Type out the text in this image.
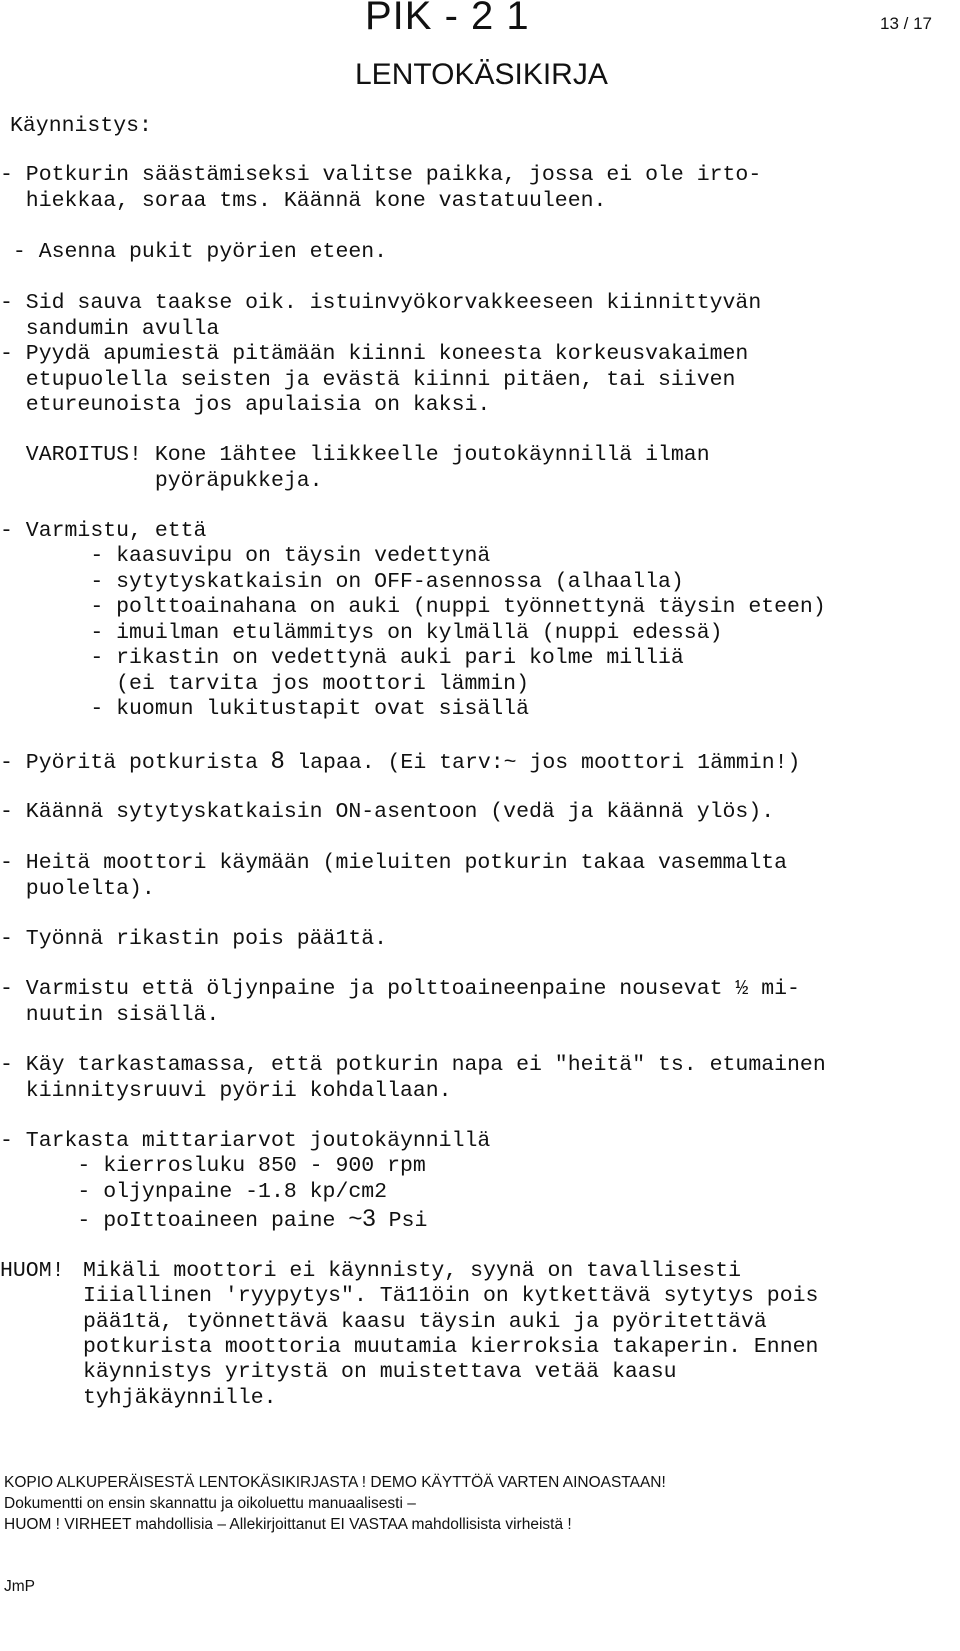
PIK - 2 1
LENTOKÄSIKIRJA
13 / 17
Käynnistys:
- Potkurin säästämiseksi valitse paikka, jossa ei ole irto-
hiekkaa, soraa tms. Käännä kone vastatuuleen.
- Asenna pukit pyörien eteen.
- Sid sauva taakse oik. istuinvyökorvakkeeseen kiinnittyvän
sandumin avulla
- Pyydä apumiestä pitämään kiinni koneesta korkeusvakaimen
etupuolella seisten ja evästä kiinni pitäen, tai siiven
etureunoista jos apulaisia on kaksi.
VAROITUS! Kone 1ähtee liikkeelle joutokäynnillä ilman
pyöräpukkeja.
- Varmistu, että
- kaasuvipu on täysin vedettynä
- sytytyskatkaisin on OFF-asennossa (alhaalla)
- polttoainahana on auki (nuppi työnnettynä täysin eteen)
- imuilman etulämmitys on kylmällä (nuppi edessä)
- rikastin on vedettynä auki pari kolme milliä
(ei tarvita jos moottori lämmin)
- kuomun lukitustapit ovat sisällä
- Pyöritä potkurista 8 lapaa. (Ei tarv:~ jos moottori 1ämmin!)
- Käännä sytytyskatkaisin ON-asentoon (vedä ja käännä ylös).
- Heitä moottori käymään (mieluiten potkurin takaa vasemmalta
puolelta).
- Työnnä rikastin pois pää1tä.
- Varmistu että öljynpaine ja polttoaineenpaine nousevat ½ mi-
nuutin sisällä.
- Käy tarkastamassa, että potkurin napa ei "heitä" ts. etumainen
kiinnitysruuvi pyörii kohdallaan.
- Tarkasta mittariarvot joutokäynnillä
- kierrosluku 850 - 900 rpm
- oljynpaine -1.8 kp/cm2
- poIttoaineen paine ~3 Psi
HUOM! Mikäli moottori ei käynnisty, syynä on tavallisesti
Iiiallinen 'ryypytys". Tä11öin on kytkettävä sytytys pois
pää1tä, työnnettävä kaasu täysin auki ja pyöritettävä
potkurista moottoria muutamia kierroksia takaperin. Ennen
käynnistys yritystä on muistettava vetää kaasu
tyhjäkäynnille.
KOPIO ALKUPERÄISESTÄ LENTOKÄSIKIRJASTA ! DEMO KÄYTTÖÄ VARTEN AINOASTAAN!
Dokumentti on ensin skannattu ja oikoluettu manuaalisesti –
HUOM ! VIRHEET mahdollisia – Allekirjoittanut EI VASTAA mahdollisista virheistä !
JmP
